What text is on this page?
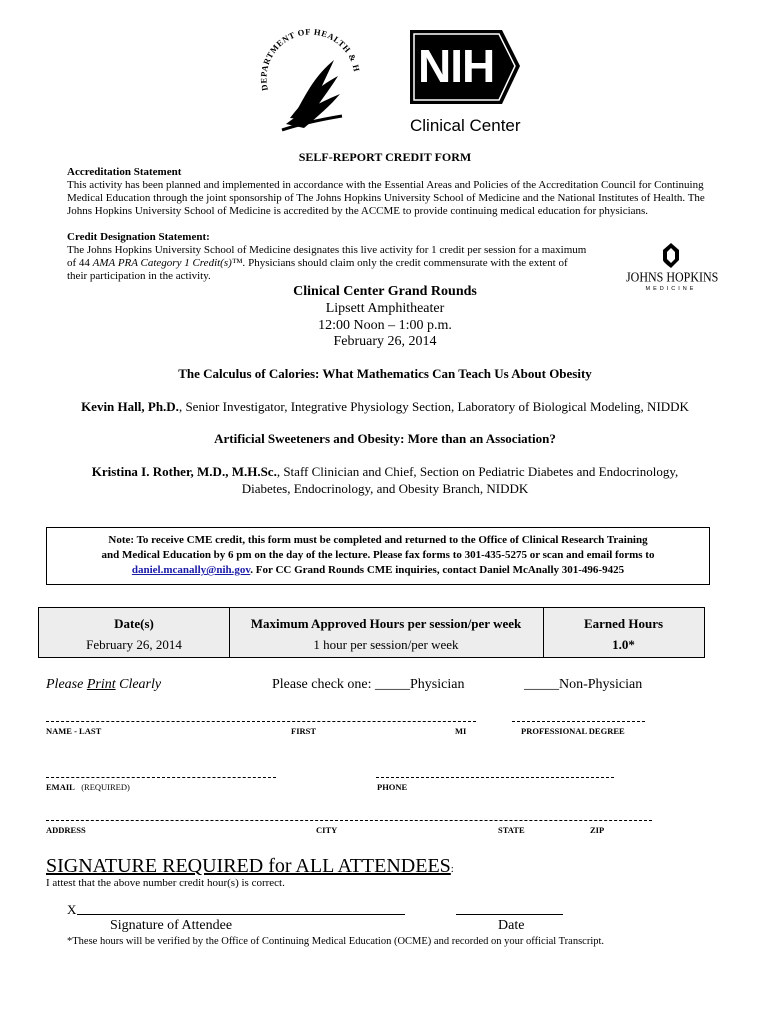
DEPARTMENT OF HEALTH & H NIH
Clinical Center
SELF-REPORT CREDIT FORM
Accreditation Statement
This activity has been planned and implemented in accordance with the Essential Areas and Policies of the Accreditation Council for Continuing Medical Education through the joint sponsorship of The Johns Hopkins University School of Medicine and the National Institutes of Health. The Johns Hopkins University School of Medicine is accredited by the ACCME to provide continuing medical education for physicians.
Credit Designation Statement:
The Johns Hopkins University School of Medicine designates this live activity for 1 credit per session for a maximum
of 44 AMA PRA Category 1 Credit(s)™. Physicians should claim only the credit commensurate with the extent of
their participation in the activity.	JOHNS HOPKINS
MEDICINE
Clinical Center Grand Rounds
Lipsett Amphitheater
12:00 Noon – 1:00 p.m.
February 26, 2014
The Calculus of Calories: What Mathematics Can Teach Us About Obesity
Kevin Hall, Ph.D., Senior Investigator, Integrative Physiology Section, Laboratory of Biological Modeling, NIDDK
Artificial Sweeteners and Obesity: More than an Association?
Kristina I. Rother, M.D., M.H.Sc., Staff Clinician and Chief, Section on Pediatric Diabetes and Endocrinology,
Diabetes, Endocrinology, and Obesity Branch, NIDDK
Note: To receive CME credit, this form must be completed and returned to the Office of Clinical Research Training
and Medical Education by 6 pm on the day of the lecture. Please fax forms to 301-435-5275 or scan and email forms to
daniel.mcanally@nih.gov. For CC Grand Rounds CME inquiries, contact Daniel McAnally 301-496-9425
Date(s)	Maximum Approved Hours per session/per week	Earned Hours
February 26, 2014	1 hour per session/per week	1.0*
Please Print Clearly	Please check one: _____Physician	_____Non-Physician
NAME - LAST	FIRST	MI	PROFESSIONAL DEGREE
EMAIL (REQUIRED)	PHONE
ADDRESS	CITY	STATE	ZIP
SIGNATURE REQUIRED for ALL ATTENDEES:
I attest that the above number credit hour(s) is correct.
X
Signature of Attendee	Date
*These hours will be verified by the Office of Continuing Medical Education (OCME) and recorded on your official Transcript.
